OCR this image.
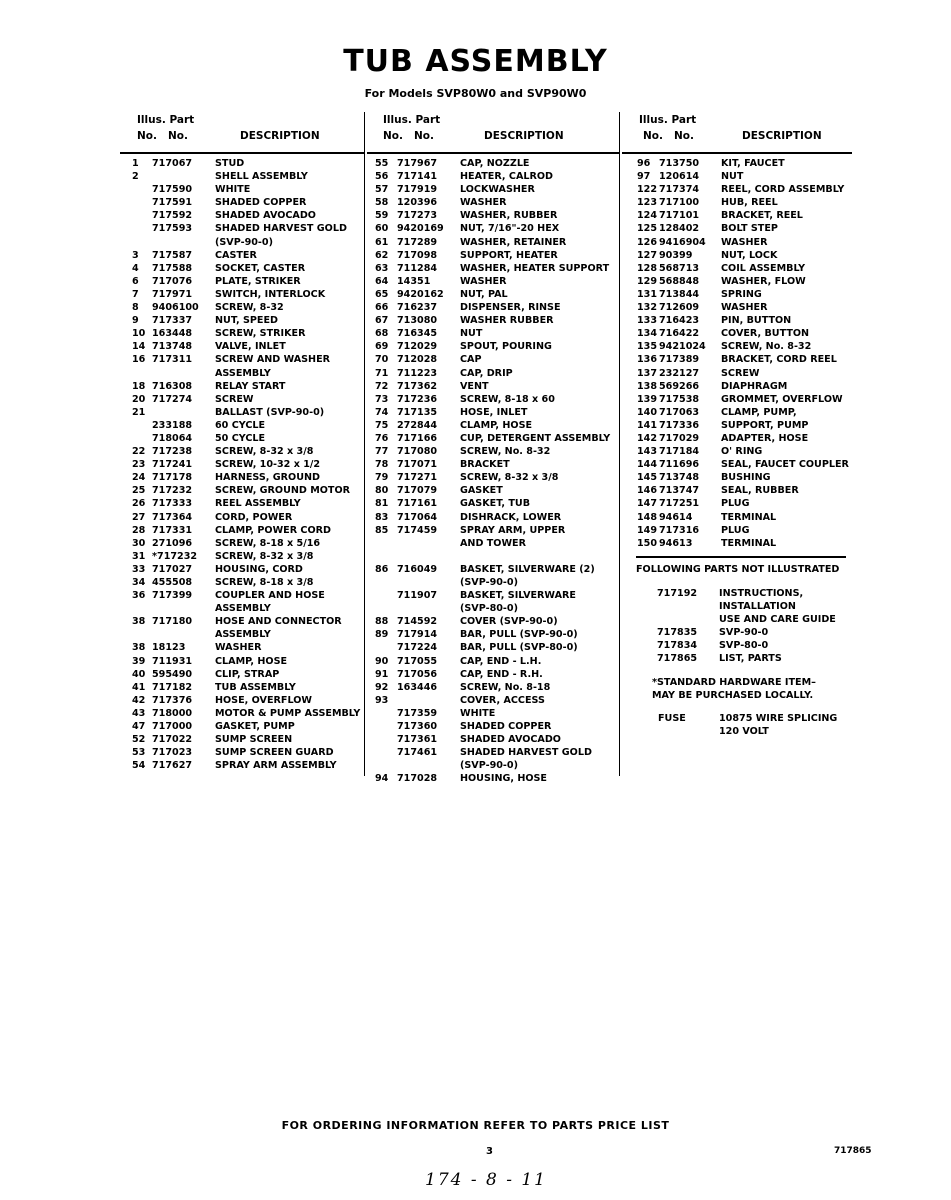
TUB ASSEMBLY
For Models SVP80W0 and SVP90W0
Illus. Part
No.   No.	DESCRIPTION
1 717067 STUD
2	SHELL ASSEMBLY
717590 WHITE
717591 SHADED COPPER
717592 SHADED AVOCADO
717593 SHADED HARVEST GOLD
(SVP-90-0)
3 717587 CASTER
4 717588 SOCKET, CASTER
6 717076 PLATE, STRIKER
7 717971 SWITCH, INTERLOCK
8 9406100 SCREW, 8-32
9 717337 NUT, SPEED
10 163448 SCREW, STRIKER
14 713748 VALVE, INLET
16 717311 SCREW AND WASHER
ASSEMBLY
18 716308 RELAY START
20 717274 SCREW
21	BALLAST (SVP-90-0)
233188 60 CYCLE
718064 50 CYCLE
22 717238 SCREW, 8-32 x 3/8
23 717241 SCREW, 10-32 x 1/2
24 717178 HARNESS, GROUND
25 717232 SCREW, GROUND MOTOR
26 717333 REEL ASSEMBLY
27 717364 CORD, POWER
28 717331 CLAMP, POWER CORD
30 271096 SCREW, 8-18 x 5/16
31 *717232 SCREW, 8-32 x 3/8
33 717027 HOUSING, CORD
34 455508 SCREW, 8-18 x 3/8
36 717399 COUPLER AND HOSE
ASSEMBLY
38 717180 HOSE AND CONNECTOR
ASSEMBLY
38 18123	WASHER
39 711931 CLAMP, HOSE
40 595490 CLIP, STRAP
41 717182 TUB ASSEMBLY
42 717376 HOSE, OVERFLOW
43 718000 MOTOR & PUMP ASSEMBLY
47 717000 GASKET, PUMP
52 717022 SUMP SCREEN
53 717023 SUMP SCREEN GUARD
54 717627 SPRAY ARM ASSEMBLY
Illus. Part
No.   No.	DESCRIPTION
55 717967 CAP, NOZZLE
56 717141 HEATER, CALROD
57 717919 LOCKWASHER
58 120396 WASHER
59 717273 WASHER, RUBBER
60 9420169 NUT, 7/16"-20 HEX
61 717289 WASHER, RETAINER
62 717098 SUPPORT, HEATER
63 711284 WASHER, HEATER SUPPORT
64 14351	WASHER
65 9420162 NUT, PAL
66 716237 DISPENSER, RINSE
67 713080 WASHER RUBBER
68 716345 NUT
69 712029 SPOUT, POURING
70 712028 CAP
71 711223 CAP, DRIP
72 717362 VENT
73 717236 SCREW, 8-18 x 60
74 717135 HOSE, INLET
75 272844 CLAMP, HOSE
76 717166 CUP, DETERGENT ASSEMBLY
77 717080 SCREW, No. 8-32
78 717071 BRACKET
79 717271 SCREW, 8-32 x 3/8
80 717079 GASKET
81 717161 GASKET, TUB
83 717064 DISHRACK, LOWER
85 717459 SPRAY ARM, UPPER
AND TOWER
86 716049 BASKET, SILVERWARE (2)
(SVP-90-0)
711907 BASKET, SILVERWARE
(SVP-80-0)
88 714592 COVER (SVP-90-0)
89 717914 BAR, PULL (SVP-90-0)
717224 BAR, PULL (SVP-80-0)
90 717055 CAP, END - L.H.
91 717056 CAP, END - R.H.
92 163446 SCREW, No. 8-18
93	COVER, ACCESS
717359 WHITE
717360 SHADED COPPER
717361 SHADED AVOCADO
717461 SHADED HARVEST GOLD
(SVP-90-0)
94 717028 HOUSING, HOSE
Illus. Part
No.   No.	DESCRIPTION
96 713750 KIT, FAUCET
97 120614 NUT
122 717374 REEL, CORD ASSEMBLY
123 717100 HUB, REEL
124 717101 BRACKET, REEL
125 128402 BOLT STEP
126 9416904 WASHER
127 90399	NUT, LOCK
128 568713 COIL ASSEMBLY
129 568848 WASHER, FLOW
131 713844 SPRING
132 712609 WASHER
133 716423 PIN, BUTTON
134 716422 COVER, BUTTON
135 9421024 SCREW, No. 8-32
136 717389 BRACKET, CORD REEL
137 232127 SCREW
138 569266 DIAPHRAGM
139 717538 GROMMET, OVERFLOW
140 717063 CLAMP, PUMP,
141 717336 SUPPORT, PUMP
142 717029 ADAPTER, HOSE
143 717184 O' RING
144 711696 SEAL, FAUCET COUPLER
145 713748 BUSHING
146 713747 SEAL, RUBBER
147 717251 PLUG
148 94614	TERMINAL
149 717316 PLUG
150 94613	TERMINAL
FOLLOWING PARTS NOT ILLUSTRATED
717192 INSTRUCTIONS,
INSTALLATION
USE AND CARE GUIDE
717835 SVP-90-0
717834 SVP-80-0
717865 LIST, PARTS
*STANDARD HARDWARE ITEM–
MAY BE PURCHASED LOCALLY.
FUSE	10875 WIRE SPLICING
120 VOLT
FOR ORDERING INFORMATION REFER TO PARTS PRICE LIST
3	717865
174 - 8 - 11
